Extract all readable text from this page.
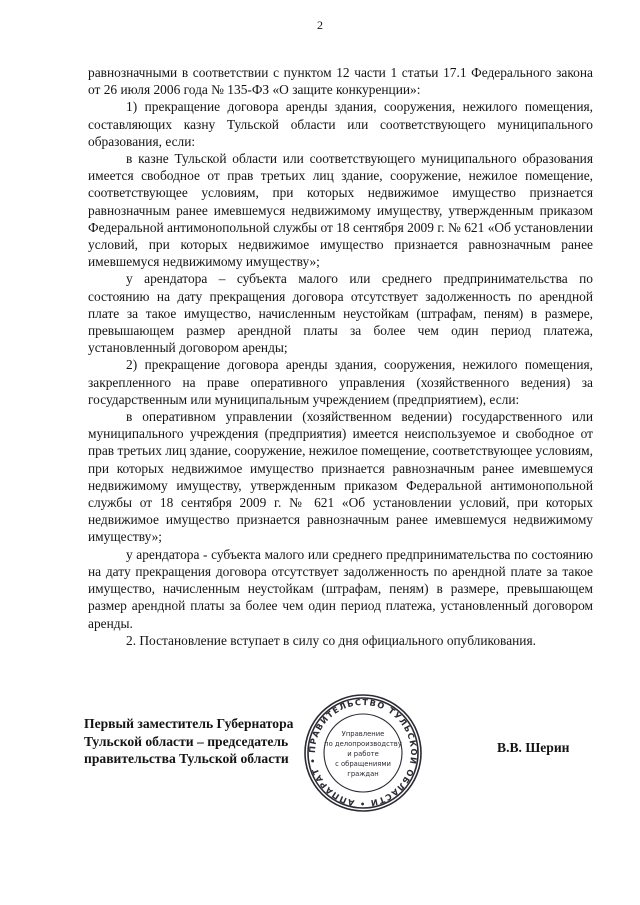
2

равнозначными в соответствии с пунктом 12 части 1 статьи 17.1 Федерального закона от 26 июля 2006 года № 135-ФЗ «О защите конкуренции»:

1) прекращение договора аренды здания, сооружения, нежилого помещения, составляющих казну Тульской области или соответствующего муниципального образования, если:

в казне Тульской области или соответствующего муниципального образования имеется свободное от прав третьих лиц здание, сооружение, нежилое помещение, соответствующее условиям, при которых недвижимое имущество признается равнозначным ранее имевшемуся недвижимому имуществу, утвержденным приказом Федеральной антимонопольной службы от 18 сентября 2009 г. № 621 «Об установлении условий, при которых недвижимое имущество признается равнозначным ранее имевшемуся недвижимому имуществу»;

у арендатора – субъекта малого или среднего предпринимательства по состоянию на дату прекращения договора отсутствует задолженность по арендной плате за такое имущество, начисленным неустойкам (штрафам, пеням) в размере, превышающем размер арендной платы за более чем один период платежа, установленный договором аренды;

2) прекращение договора аренды здания, сооружения, нежилого помещения, закрепленного на праве оперативного управления (хозяйственного ведения) за государственным или муниципальным учреждением (предприятием), если:

в оперативном управлении (хозяйственном ведении) государственного или муниципального учреждения (предприятия) имеется неиспользуемое и свободное от прав третьих лиц здание, сооружение, нежилое помещение, соответствующее условиям, при которых недвижимое имущество признается равнозначным ранее имевшемуся недвижимому имуществу, утвержденным приказом Федеральной антимонопольной службы от 18 сентября 2009 г. № 621 «Об установлении условий, при которых недвижимое имущество признается равнозначным ранее имевшемуся недвижимому имуществу»;

у арендатора - субъекта малого или среднего предпринимательства по состоянию на дату прекращения договора отсутствует задолженность по арендной плате за такое имущество, начисленным неустойкам (штрафам, пеням) в размере, превышающем размер арендной платы за более чем один период платежа, установленный договором аренды.

2. Постановление вступает в силу со дня официального опубликования.

ПРАВИТЕЛЬСТВО ТУЛЬСКОЙ ОБЛАСТИ • АППАРАТ •
Управление
по делопроизводству
и работе
с обращениями
граждан
Первый заместитель Губернатора
Тульской области – председатель
правительства Тульской области
В.В. Шерин
